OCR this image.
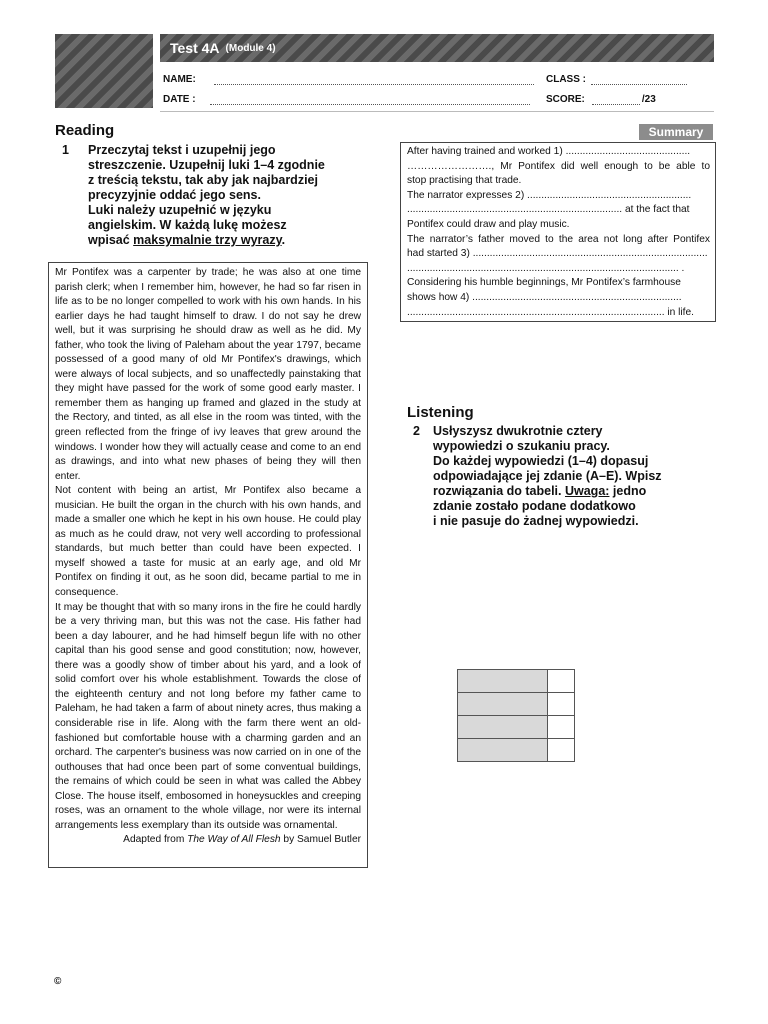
Test 4A (Module 4)
NAME:	CLASS :
DATE :	SCORE:	/23
Reading
1 Przeczytaj tekst i uzupełnij jego
streszczenie. Uzupełnij luki 1–4 zgodnie
z treścią tekstu, tak aby jak najbardziej
precyzyjnie oddać jego sens.
Luki należy uzupełnić w języku
angielskim. W każdą lukę możesz
wpisać maksymalnie trzy wyrazy.

Mr Pontifex was a carpenter by trade; he was also at one time parish clerk; when I remember him, however, he had so far risen in life as to be no longer compelled to work with his own hands. In his earlier days he had taught himself to draw. I do not say he drew well, but it was surprising he should draw as well as he did. My father, who took the living of Paleham about the year 1797, became possessed of a good many of old Mr Pontifex's drawings, which were always of local subjects, and so unaffectedly painstaking that they might have passed for the work of some good early master. I remember them as hanging up framed and glazed in the study at the Rectory, and tinted, as all else in the room was tinted, with the green reflected from the fringe of ivy leaves that grew around the windows. I wonder how they will actually cease and come to an end as drawings, and into what new phases of being they will then enter.

Not content with being an artist, Mr Pontifex also became a musician. He built the organ in the church with his own hands, and made a smaller one which he kept in his own house. He could play as much as he could draw, not very well according to professional standards, but much better than could have been expected. I myself showed a taste for music at an early age, and old Mr Pontifex on finding it out, as he soon did, became partial to me in consequence.

It may be thought that with so many irons in the fire he could hardly be a very thriving man, but this was not the case. His father had been a day labourer, and he had himself begun life with no other capital than his good sense and good constitution; now, however, there was a goodly show of timber about his yard, and a look of solid comfort over his whole establishment. Towards the close of the eighteenth century and not long before my father came to Paleham, he had taken a farm of about ninety acres, thus making a considerable rise in life. Along with the farm there went an old-fashioned but comfortable house with a charming garden and an orchard. The carpenter's business was now carried on in one of the outhouses that had once been part of some conventual buildings, the remains of which could be seen in what was called the Abbey Close. The house itself, embosomed in honeysuckles and creeping roses, was an ornament to the whole village, nor were its internal arrangements less exemplary than its outside was ornamental.

Adapted from The Way of All Flesh by Samuel Butler
Summary
After having trained and worked 1) ............................................
……………………., Mr Pontifex did well enough to be able to
stop practising that trade.
The narrator expresses 2) ..........................................................
............................................................................ at the fact that
Pontifex could draw and play music.
The narrator’s father moved to the area not long after Pontifex
had started 3) ...................................................................................
................................................................................................ .
Considering his humble beginnings, Mr Pontifex’s farmhouse
shows how 4) ..........................................................................
........................................................................................... in life.
Listening
2 Usłyszysz dwukrotnie cztery
wypowiedzi o szukaniu pracy.
Do każdej wypowiedzi (1–4) dopasuj
odpowiadające jej zdanie (A–E). Wpisz
rozwiązania do tabeli. Uwaga: jedno
zdanie zostało podane dodatkowo
i nie pasuje do żadnej wypowiedzi.

©
